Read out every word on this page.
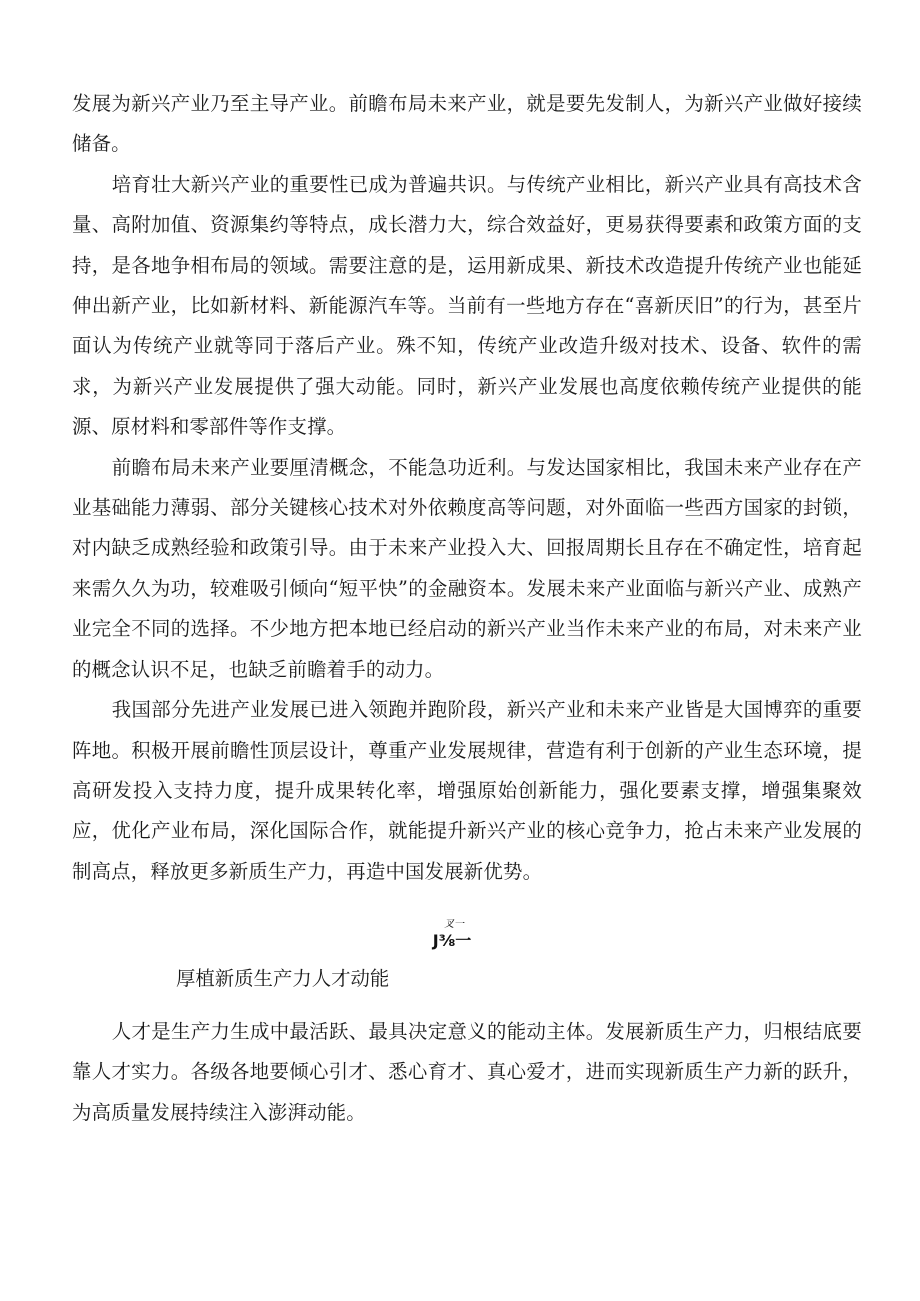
发展为新兴产业乃至主导产业。前瞻布局未来产业，就是要先发制人，为新兴产业做好接续储备。

培育壮大新兴产业的重要性已成为普遍共识。与传统产业相比，新兴产业具有高技术含量、高附加值、资源集约等特点，成长潜力大，综合效益好，更易获得要素和政策方面的支持，是各地争相布局的领域。需要注意的是，运用新成果、新技术改造提升传统产业也能延伸出新产业，比如新材料、新能源汽车等。当前有一些地方存在“喜新厌旧”的行为，甚至片面认为传统产业就等同于落后产业。殊不知，传统产业改造升级对技术、设备、软件的需求，为新兴产业发展提供了强大动能。同时，新兴产业发展也高度依赖传统产业提供的能源、原材料和零部件等作支撑。

前瞻布局未来产业要厘清概念，不能急功近利。与发达国家相比，我国未来产业存在产业基础能力薄弱、部分关键核心技术对外依赖度高等问题，对外面临一些西方国家的封锁，对内缺乏成熟经验和政策引导。由于未来产业投入大、回报周期长且存在不确定性，培育起来需久久为功，较难吸引倾向“短平快”的金融资本。发展未来产业面临与新兴产业、成熟产业完全不同的选择。不少地方把本地已经启动的新兴产业当作未来产业的布局，对未来产业的概念认识不足，也缺乏前瞻着手的动力。

我国部分先进产业发展已进入领跑并跑阶段，新兴产业和未来产业皆是大国博弈的重要阵地。积极开展前瞻性顶层设计，尊重产业发展规律，营造有利于创新的产业生态环境，提高研发投入支持力度，提升成果转化率，增强原始创新能力，强化要素支撑，增强集聚效应，优化产业布局，深化国际合作，就能提升新兴产业的核心竞争力，抢占未来产业发展的制高点，释放更多新质生产力，再造中国发展新优势。

叉一
J⅜一
厚植新质生产力人才动能

人才是生产力生成中最活跃、最具决定意义的能动主体。发展新质生产力，归根结底要靠人才实力。各级各地要倾心引才、悉心育才、真心爱才，进而实现新质生产力新的跃升，为高质量发展持续注入澎湃动能。
